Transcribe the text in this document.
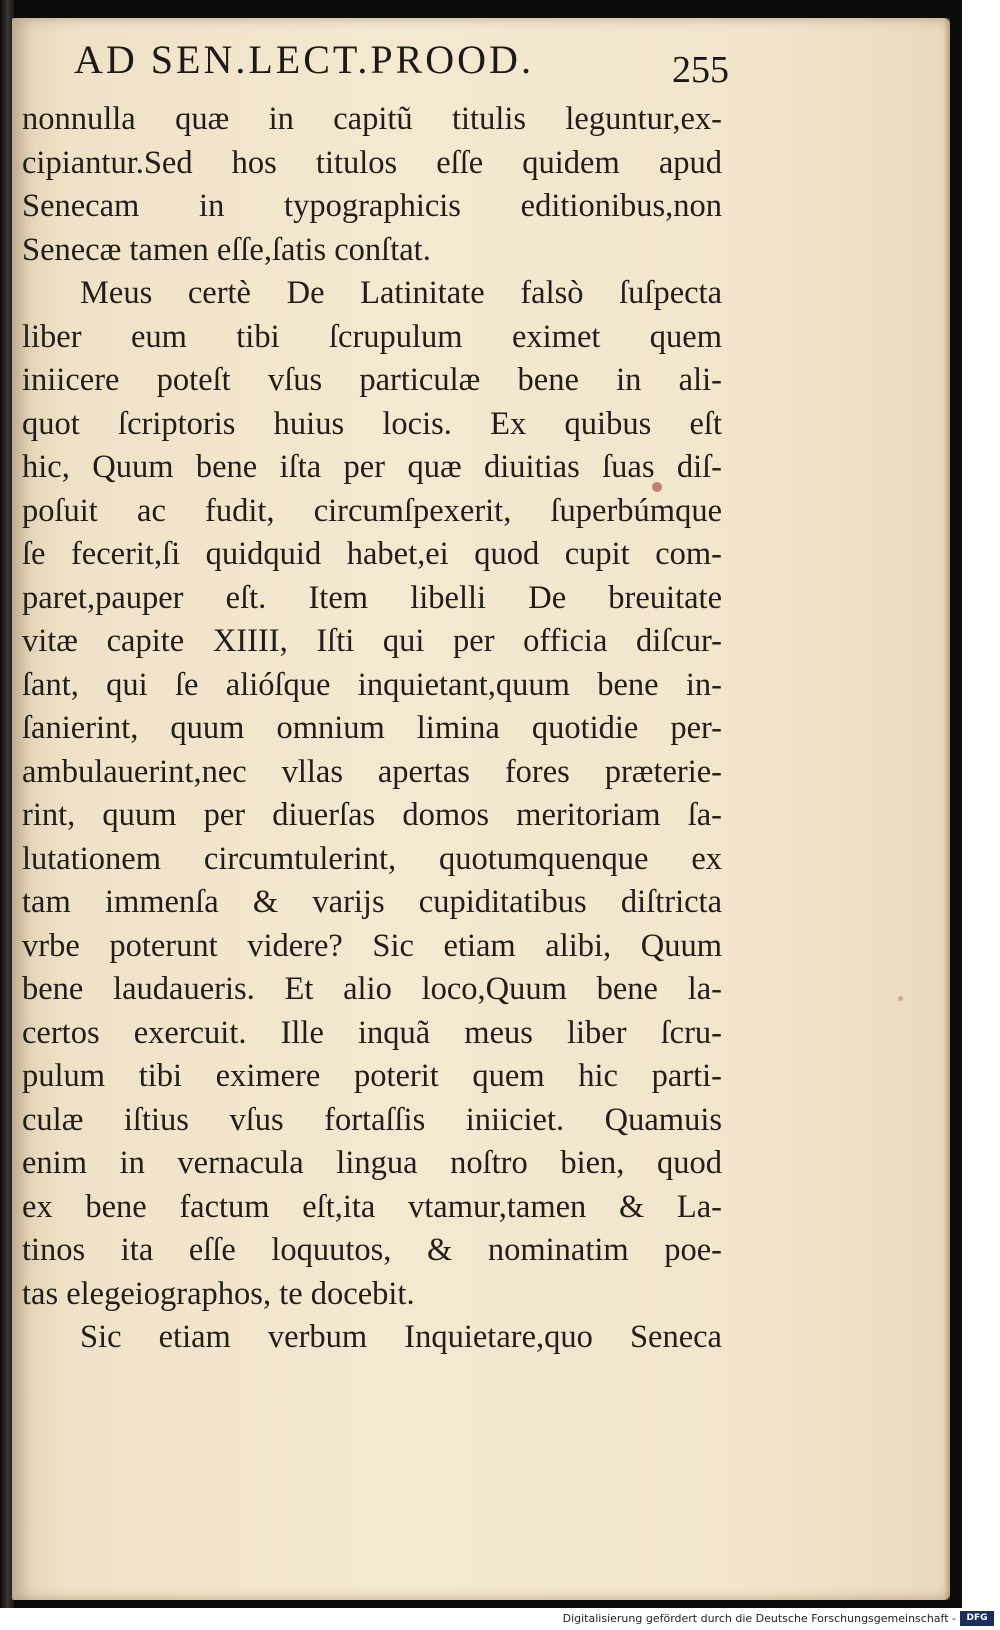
AD SEN.LECT.PROOD.	255
nonnulla quæ in capitũ titulis leguntur,ex-
cipiantur.Sed hos titulos eſſe quidem apud
Senecam in typographicis editionibus,non
Senecæ tamen eſſe,ſatis conſtat.
Meus certè De Latinitate falsò ſuſpecta
liber eum tibi ſcrupulum eximet quem
iniicere poteſt vſus particulæ bene in ali-
quot ſcriptoris huius locis. Ex quibus eſt
hic, Quum bene iſta per quæ diuitias ſuas diſ-
poſuit ac fudit, circumſpexerit, ſuperbúmque
ſe fecerit,ſi quidquid habet,ei quod cupit com-
paret,pauper eſt. Item libelli De breuitate
vitæ capite XIIII, Iſti qui per officia diſcur-
ſant, qui ſe alióſque inquietant,quum bene in-
ſanierint, quum omnium limina quotidie per-
ambulauerint,nec vllas apertas fores præterie-
rint, quum per diuerſas domos meritoriam ſa-
lutationem circumtulerint, quotumquenque ex
tam immenſa & varijs cupiditatibus diſtricta
vrbe poterunt videre? Sic etiam alibi, Quum
bene laudaueris. Et alio loco,Quum bene la-
certos exercuit. Ille inquã meus liber ſcru-
pulum tibi eximere poterit quem hic parti-
culæ iſtius vſus fortaſſis iniiciet. Quamuis
enim in vernacula lingua noſtro bien, quod
ex bene factum eſt,ita vtamur,tamen & La-
tinos ita eſſe loquutos, & nominatim poe-
tas elegeiographos, te docebit.
Sic etiam verbum Inquietare,quo Seneca
Digitalisierung gefördert durch die Deutsche Forschungsgemeinschaft -	DFG
